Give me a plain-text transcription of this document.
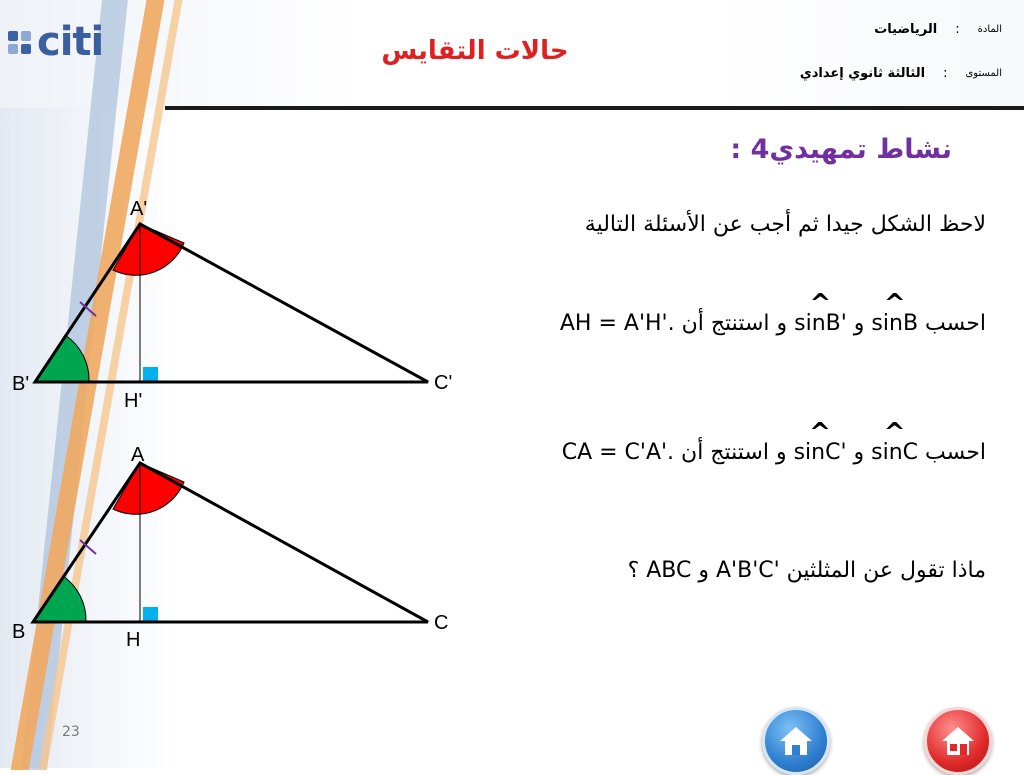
citi	حالات التقايس
المادة
:
الرياضيات
المستوى
:
الثالثة ثانوي إعدادي
نشاط تمهيدي4 :
لاحظ الشكل جيدا ثم أجب عن الأسئلة التالية
احسب ^ sinB و ^ sinB' و استنتج أن AH = A'H'.
احسب ^ sinC و ^ sinC' و استنتج أن CA = C'A'.
ماذا تقول عن المثلثين A'B'C' و ABC ؟
A'
B'	C'
H'
A
B	C
H
23
